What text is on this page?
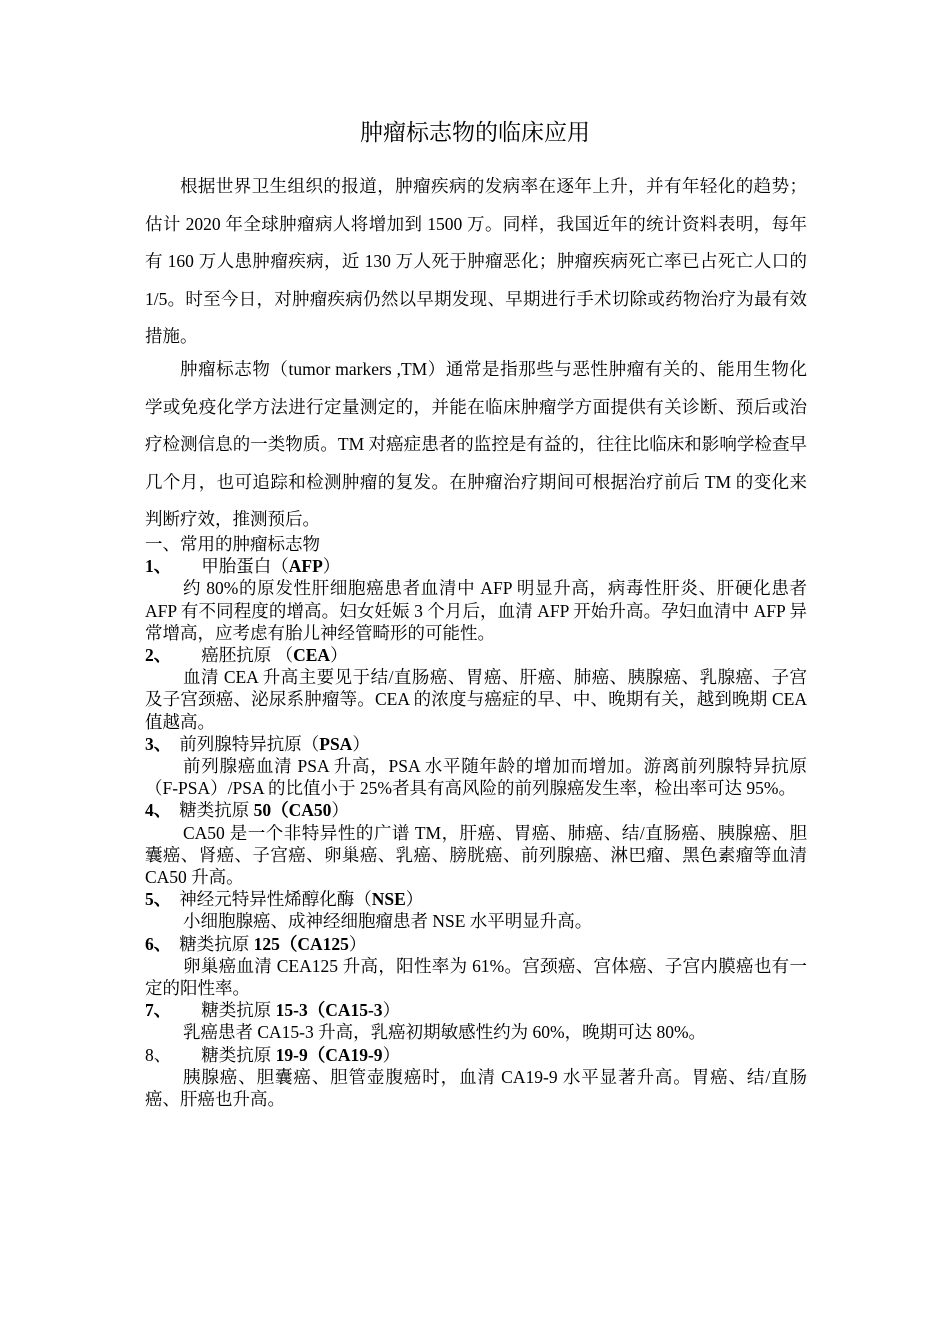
肿瘤标志物的临床应用

根据世界卫生组织的报道，肿瘤疾病的发病率在逐年上升，并有年轻化的趋势；估计 2020 年全球肿瘤病人将增加到 1500 万。同样，我国近年的统计资料表明，每年有 160 万人患肿瘤疾病，近 130 万人死于肿瘤恶化；肿瘤疾病死亡率已占死亡人口的 1/5。时至今日，对肿瘤疾病仍然以早期发现、早期进行手术切除或药物治疗为最有效措施。

肿瘤标志物（tumor markers ,TM）通常是指那些与恶性肿瘤有关的、能用生物化学或免疫化学方法进行定量测定的，并能在临床肿瘤学方面提供有关诊断、预后或治疗检测信息的一类物质。TM 对癌症患者的监控是有益的，往往比临床和影响学检查早几个月，也可追踪和检测肿瘤的复发。在肿瘤治疗期间可根据治疗前后 TM 的变化来判断疗效，推测预后。

一、常用的肿瘤标志物

1、 甲胎蛋白（AFP）

约 80%的原发性肝细胞癌患者血清中 AFP 明显升高，病毒性肝炎、肝硬化患者 AFP 有不同程度的增高。妇女妊娠 3 个月后，血清 AFP 开始升高。孕妇血清中 AFP 异常增高，应考虑有胎儿神经管畸形的可能性。

2、 癌胚抗原 （CEA）

血清 CEA 升高主要见于结/直肠癌、胃癌、肝癌、肺癌、胰腺癌、乳腺癌、子宫及子宫颈癌、泌尿系肿瘤等。CEA 的浓度与癌症的早、中、晚期有关，越到晚期 CEA 值越高。

3、 前列腺特异抗原（PSA）

前列腺癌血清 PSA 升高，PSA 水平随年龄的增加而增加。游离前列腺特异抗原（F-PSA）/PSA 的比值小于 25%者具有高风险的前列腺癌发生率，检出率可达 95%。

4、 糖类抗原 50（CA50）

CA50 是一个非特异性的广谱 TM，肝癌、胃癌、肺癌、结/直肠癌、胰腺癌、胆囊癌、肾癌、子宫癌、卵巢癌、乳癌、膀胱癌、前列腺癌、淋巴瘤、黑色素瘤等血清 CA50 升高。

5、 神经元特异性烯醇化酶（NSE）

小细胞腺癌、成神经细胞瘤患者 NSE 水平明显升高。

6、 糖类抗原 125（CA125）

卵巢癌血清 CEA125 升高，阳性率为 61%。宫颈癌、宫体癌、子宫内膜癌也有一定的阳性率。

7、 糖类抗原 15-3（CA15-3）

乳癌患者 CA15-3 升高，乳癌初期敏感性约为 60%，晚期可达 80%。

8、 糖类抗原 19-9（CA19-9）

胰腺癌、胆囊癌、胆管壶腹癌时，血清 CA19-9 水平显著升高。胃癌、结/直肠癌、肝癌也升高。
